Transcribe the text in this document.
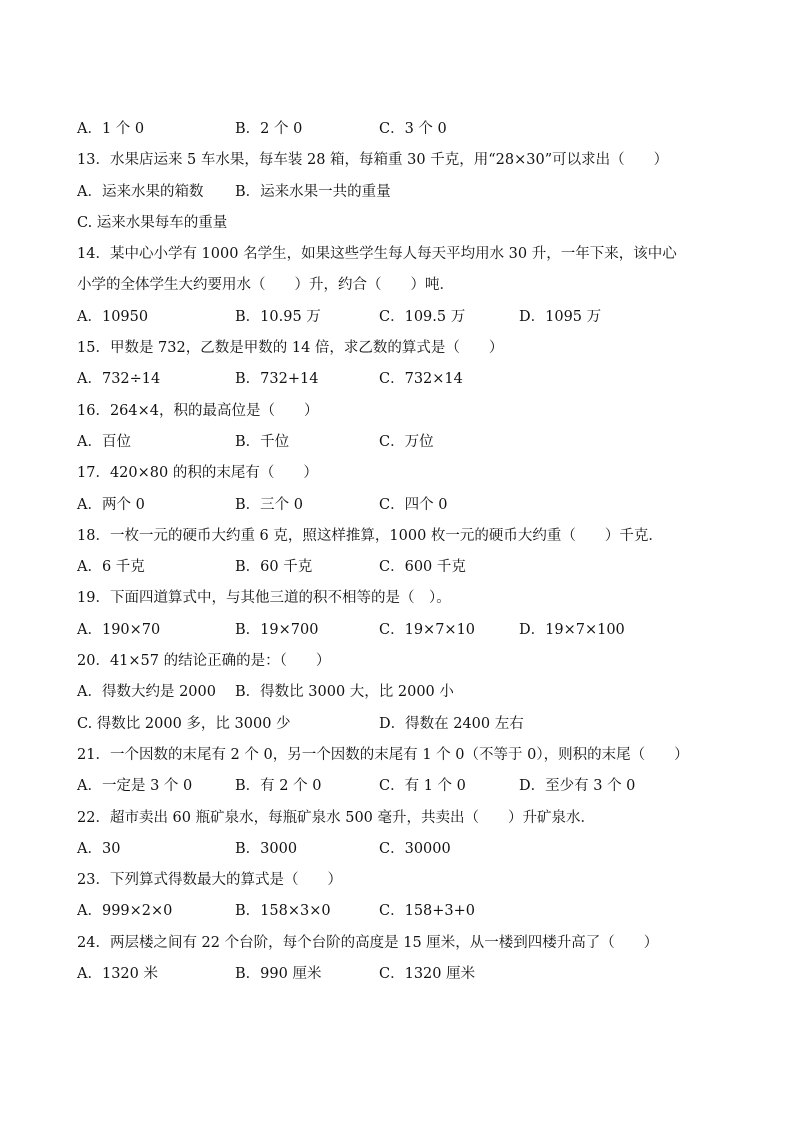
A．1 个 0	B．2 个 0	C．3 个 0
13．水果店运来 5 车水果，每车装 28 箱，每箱重 30 千克，用“28×30”可以求出（　　）
A．运来水果的箱数 B．运来水果一共的重量
C. 运来水果每车的重量
14．某中心小学有 1000 名学生，如果这些学生每人每天平均用水 30 升，一年下来，该中心
小学的全体学生大约要用水（　　）升，约合（　　）吨．
A．10950	B．10.95 万	C．109.5 万	D．1095 万
15．甲数是 732，乙数是甲数的 14 倍，求乙数的算式是（　　）
A．732÷14	B．732+14	C．732×14
16．264×4，积的最高位是（　　）
A．百位	B．千位	C．万位
17．420×80 的积的末尾有（　　）
A．两个 0	B．三个 0	C．四个 0
18．一枚一元的硬币大约重 6 克，照这样推算，1000 枚一元的硬币大约重（　　）千克．
A．6 千克	B．60 千克	C．600 千克
19．下面四道算式中，与其他三道的积不相等的是（　）。
A．190×70	B．19×700	C．19×7×10	D．19×7×100
20．41×57 的结论正确的是：（　　）
A．得数大约是 2000 B．得数比 3000 大，比 2000 小
C. 得数比 2000 多，比 3000 少	D．得数在 2400 左右
21．一个因数的末尾有 2 个 0，另一个因数的末尾有 1 个 0（不等于 0），则积的末尾（　　）
A．一定是 3 个 0	B．有 2 个 0	C．有 1 个 0	D．至少有 3 个 0
22．超市卖出 60 瓶矿泉水，每瓶矿泉水 500 毫升，共卖出（　　）升矿泉水．
A．30	B．3000	C．30000
23．下列算式得数最大的算式是（　　）
A．999×2×0	B．158×3×0	C．158+3+0
24．两层楼之间有 22 个台阶，每个台阶的高度是 15 厘米，从一楼到四楼升高了（　　）
A．1320 米	B．990 厘米	C．1320 厘米
